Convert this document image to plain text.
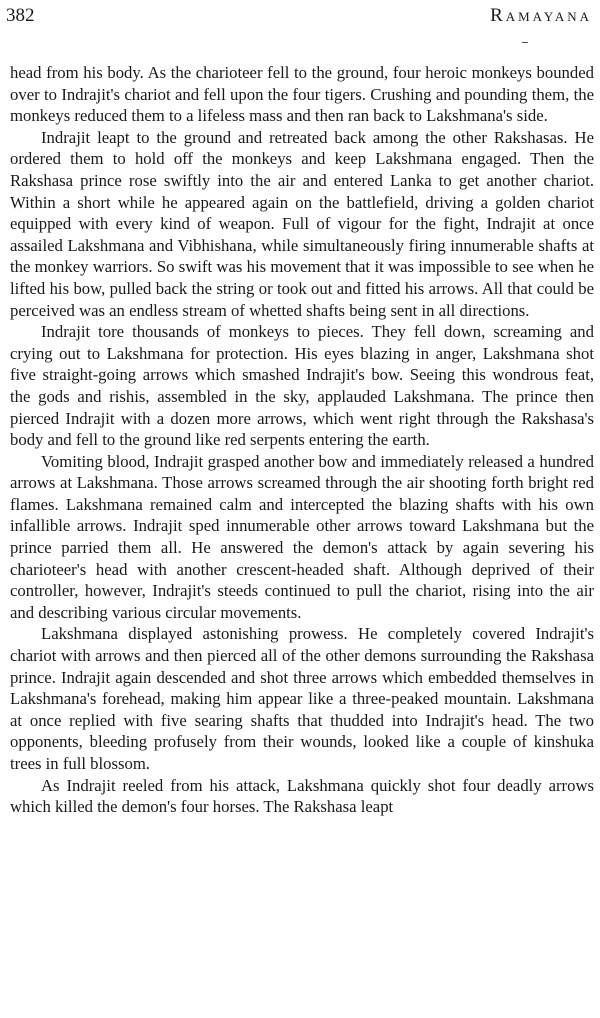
382	Ramayana

head from his body. As the charioteer fell to the ground, four heroic monkeys bounded over to Indrajit's chariot and fell upon the four tigers. Crushing and pounding them, the monkeys reduced them to a lifeless mass and then ran back to Lakshmana's side.

Indrajit leapt to the ground and retreated back among the other Rakshasas. He ordered them to hold off the monkeys and keep Lakshmana engaged. Then the Rakshasa prince rose swiftly into the air and entered Lanka to get another chariot. Within a short while he appeared again on the battlefield, driving a golden chariot equipped with every kind of weapon. Full of vigour for the fight, Indrajit at once assailed Lakshmana and Vibhishana, while simultaneously firing innumerable shafts at the monkey warriors. So swift was his movement that it was impossible to see when he lifted his bow, pulled back the string or took out and fitted his arrows. All that could be perceived was an endless stream of whetted shafts being sent in all directions.

Indrajit tore thousands of monkeys to pieces. They fell down, screaming and crying out to Lakshmana for protection. His eyes blazing in anger, Lakshmana shot five straight-going arrows which smashed Indrajit's bow. Seeing this wondrous feat, the gods and rishis, assembled in the sky, applauded Lakshmana. The prince then pierced Indrajit with a dozen more arrows, which went right through the Rakshasa's body and fell to the ground like red serpents entering the earth.

Vomiting blood, Indrajit grasped another bow and immediately released a hundred arrows at Lakshmana. Those arrows screamed through the air shooting forth bright red flames. Lakshmana remained calm and intercepted the blazing shafts with his own infallible arrows. Indrajit sped innumerable other arrows toward Lakshmana but the prince parried them all. He answered the demon's attack by again severing his charioteer's head with another crescent-headed shaft. Although deprived of their controller, however, Indrajit's steeds continued to pull the chariot, rising into the air and describing various circular movements.

Lakshmana displayed astonishing prowess. He completely covered Indrajit's chariot with arrows and then pierced all of the other demons surrounding the Rakshasa prince. Indrajit again descended and shot three arrows which embedded themselves in Lakshmana's forehead, making him appear like a three-peaked mountain. Lakshmana at once replied with five searing shafts that thudded into Indrajit's head. The two opponents, bleeding profusely from their wounds, looked like a couple of kinshuka trees in full blossom.

As Indrajit reeled from his attack, Lakshmana quickly shot four deadly arrows which killed the demon's four horses. The Rakshasa leapt
